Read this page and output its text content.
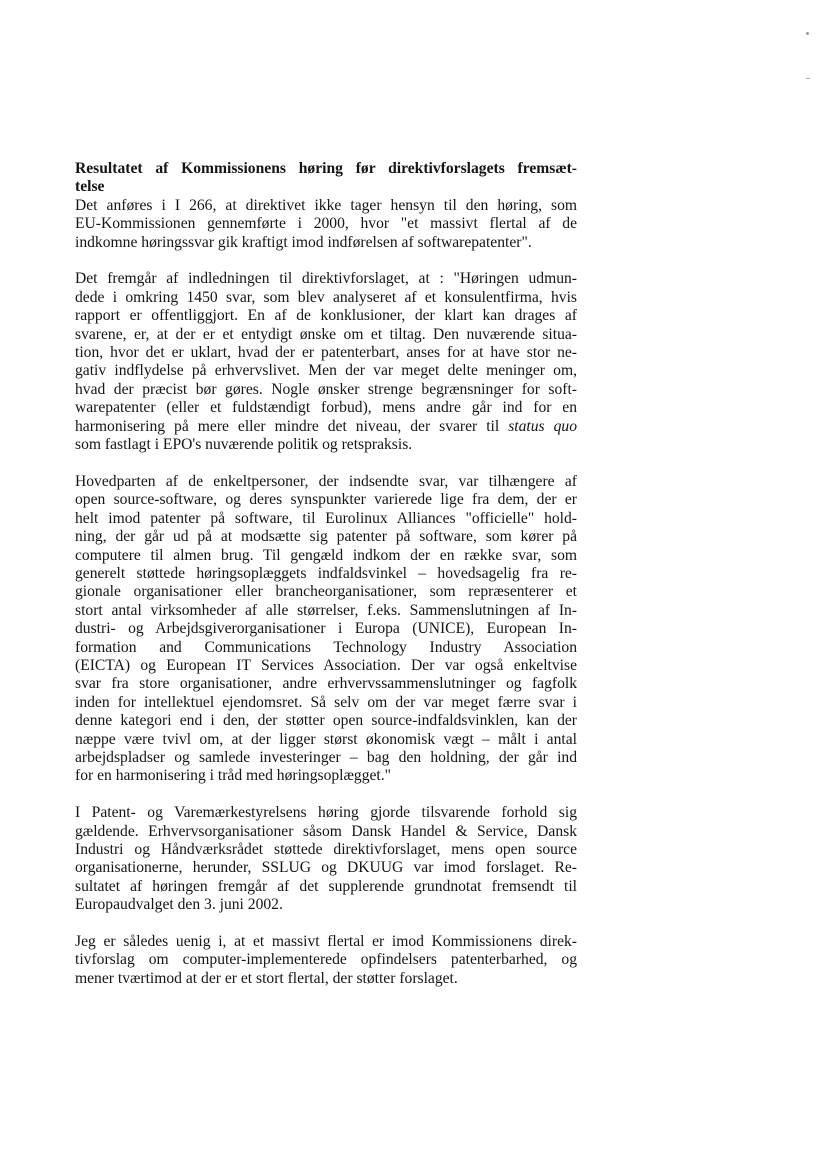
Resultatet af Kommissionens høring før direktivforslagets fremsæt-
telse

Det anføres i I 266, at direktivet ikke tager hensyn til den høring, som
EU-Kommissionen gennemførte i 2000, hvor "et massivt flertal af de
indkomne høringssvar gik kraftigt imod indførelsen af softwarepatenter".

Det fremgår af indledningen til direktivforslaget, at : "Høringen udmun-
dede i omkring 1450 svar, som blev analyseret af et konsulentfirma, hvis
rapport er offentliggjort. En af de konklusioner, der klart kan drages af
svarene, er, at der er et entydigt ønske om et tiltag. Den nuværende situa-
tion, hvor det er uklart, hvad der er patenterbart, anses for at have stor ne-
gativ indflydelse på erhvervslivet. Men der var meget delte meninger om,
hvad der præcist bør gøres. Nogle ønsker strenge begrænsninger for soft-
warepatenter (eller et fuldstændigt forbud), mens andre går ind for en
harmonisering på mere eller mindre det niveau, der svarer til status quo
som fastlagt i EPO's nuværende politik og retspraksis.

Hovedparten af de enkeltpersoner, der indsendte svar, var tilhængere af
open source-software, og deres synspunkter varierede lige fra dem, der er
helt imod patenter på software, til Eurolinux Alliances "officielle" hold-
ning, der går ud på at modsætte sig patenter på software, som kører på
computere til almen brug. Til gengæld indkom der en række svar, som
generelt støttede høringsoplæggets indfaldsvinkel – hovedsagelig fra re-
gionale organisationer eller brancheorganisationer, som repræsenterer et
stort antal virksomheder af alle størrelser, f.eks. Sammenslutningen af In-
dustri- og Arbejdsgiverorganisationer i Europa (UNICE), European In-
formation and Communications Technology Industry Association
(EICTA) og European IT Services Association. Der var også enkeltvise
svar fra store organisationer, andre erhvervssammenslutninger og fagfolk
inden for intellektuel ejendomsret. Så selv om der var meget færre svar i
denne kategori end i den, der støtter open source-indfaldsvinklen, kan der
næppe være tvivl om, at der ligger størst økonomisk vægt – målt i antal
arbejdspladser og samlede investeringer – bag den holdning, der går ind
for en harmonisering i tråd med høringsoplægget."

I Patent- og Varemærkestyrelsens høring gjorde tilsvarende forhold sig
gældende. Erhvervsorganisationer såsom Dansk Handel & Service, Dansk
Industri og Håndværksrådet støttede direktivforslaget, mens open source
organisationerne, herunder, SSLUG og DKUUG var imod forslaget. Re-
sultatet af høringen fremgår af det supplerende grundnotat fremsendt til
Europaudvalget den 3. juni 2002.

Jeg er således uenig i, at et massivt flertal er imod Kommissionens direk-
tivforslag om computer-implementerede opfindelsers patenterbarhed, og
mener tværtimod at der er et stort flertal, der støtter forslaget.
